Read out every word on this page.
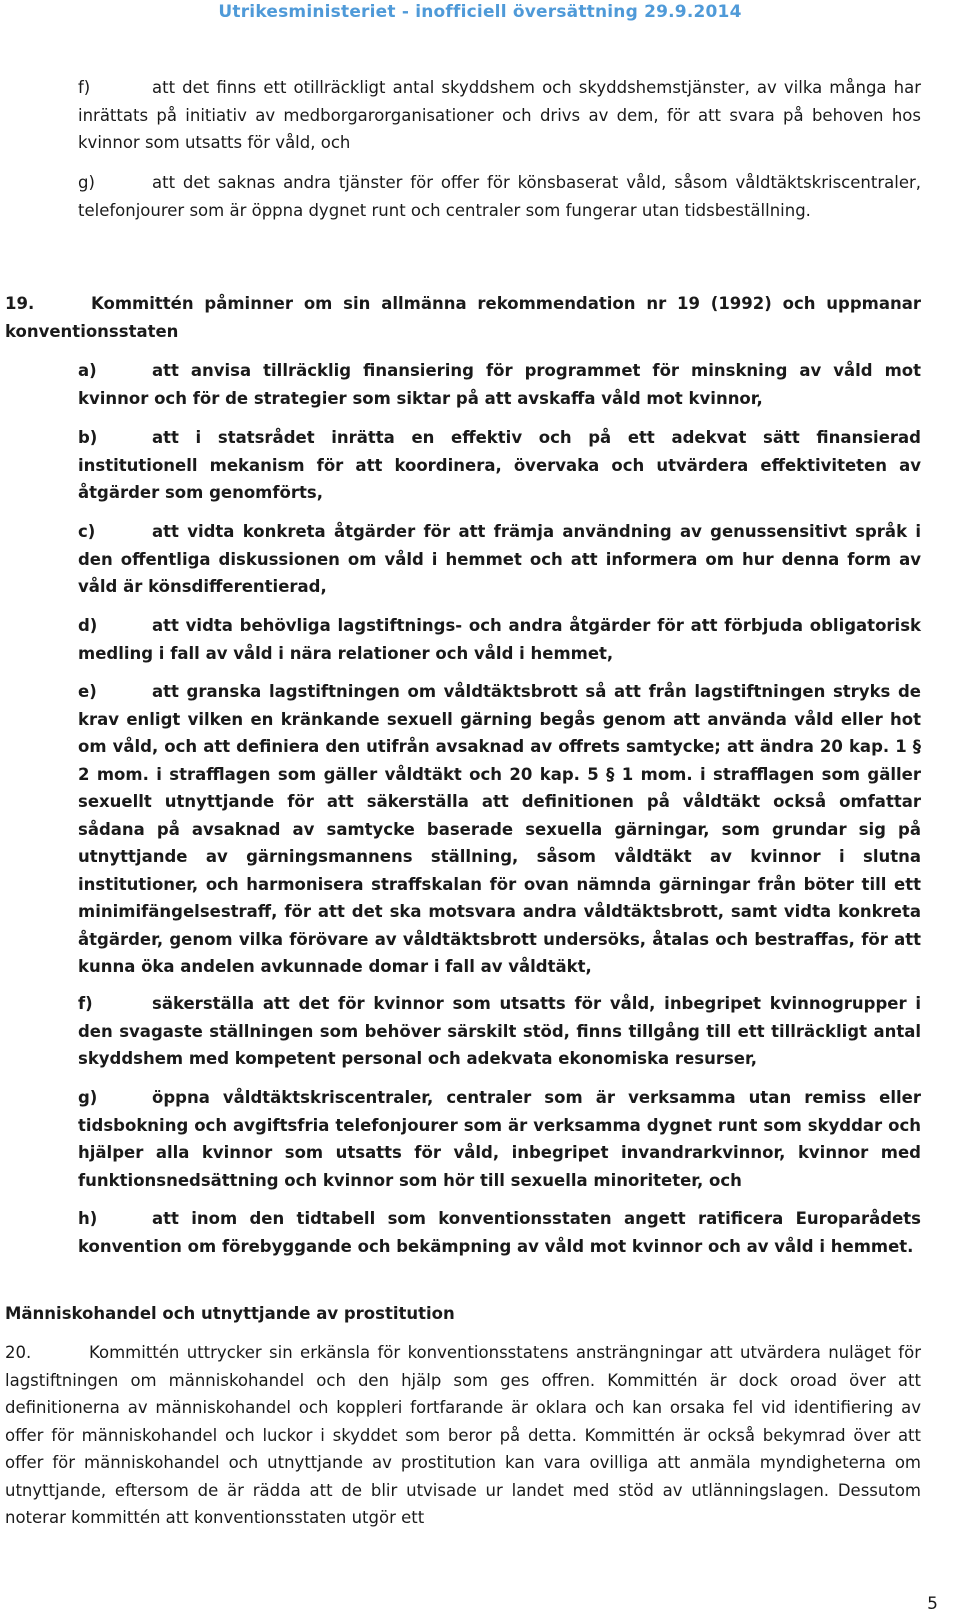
Utrikesministeriet - inofficiell översättning 29.9.2014

f)	att det finns ett otillräckligt antal skyddshem och skyddshemstjänster, av vilka många har inrättats på initiativ av medborgarorganisationer och drivs av dem, för att svara på behoven hos kvinnor som utsatts för våld, och

g)	att det saknas andra tjänster för offer för könsbaserat våld, såsom våldtäktskriscentraler, telefonjourer som är öppna dygnet runt och centraler som fungerar utan tidsbeställning.

19.	Kommittén påminner om sin allmänna rekommendation nr 19 (1992) och uppmanar konventionsstaten

a)	att anvisa tillräcklig finansiering för programmet för minskning av våld mot kvinnor och för de strategier som siktar på att avskaffa våld mot kvinnor,

b)	att i statsrådet inrätta en effektiv och på ett adekvat sätt finansierad institutionell mekanism för att koordinera, övervaka och utvärdera effektiviteten av åtgärder som genomförts,

c)	att vidta konkreta åtgärder för att främja användning av genussensitivt språk i den offentliga diskussionen om våld i hemmet och att informera om hur denna form av våld är könsdifferentierad,

d)	att vidta behövliga lagstiftnings- och andra åtgärder för att förbjuda obligatorisk medling i fall av våld i nära relationer och våld i hemmet,

e)	att granska lagstiftningen om våldtäktsbrott så att från lagstiftningen stryks de krav enligt vilken en kränkande sexuell gärning begås genom att använda våld eller hot om våld, och att definiera den utifrån avsaknad av offrets samtycke; att ändra 20 kap. 1 § 2 mom. i strafflagen som gäller våldtäkt och 20 kap. 5 § 1 mom. i strafflagen som gäller sexuellt utnyttjande för att säkerställa att definitionen på våldtäkt också omfattar sådana på avsaknad av samtycke baserade sexuella gärningar, som grundar sig på utnyttjande av gärningsmannens ställning, såsom våldtäkt av kvinnor i slutna institutioner, och harmonisera straffskalan för ovan nämnda gärningar från böter till ett minimifängelsestraff, för att det ska motsvara andra våldtäktsbrott, samt vidta konkreta åtgärder, genom vilka förövare av våldtäktsbrott undersöks, åtalas och bestraffas, för att kunna öka andelen avkunnade domar i fall av våldtäkt,

f)	säkerställa att det för kvinnor som utsatts för våld, inbegripet kvinnogrupper i den svagaste ställningen som behöver särskilt stöd, finns tillgång till ett tillräckligt antal skyddshem med kompetent personal och adekvata ekonomiska resurser,

g)	öppna våldtäktskriscentraler, centraler som är verksamma utan remiss eller tidsbokning och avgiftsfria telefonjourer som är verksamma dygnet runt som skyddar och hjälper alla kvinnor som utsatts för våld, inbegripet invandrarkvinnor, kvinnor med funktionsnedsättning och kvinnor som hör till sexuella minoriteter, och

h)	att inom den tidtabell som konventionsstaten angett ratificera Europarådets konvention om förebyggande och bekämpning av våld mot kvinnor och av våld i hemmet.

Människohandel och utnyttjande av prostitution

20.	Kommittén uttrycker sin erkänsla för konventionsstatens ansträngningar att utvärdera nuläget för lagstiftningen om människohandel och den hjälp som ges offren. Kommittén är dock oroad över att definitionerna av människohandel och koppleri fortfarande är oklara och kan orsaka fel vid identifiering av offer för människohandel och luckor i skyddet som beror på detta. Kommittén är också bekymrad över att offer för människohandel och utnyttjande av prostitution kan vara ovilliga att anmäla myndigheterna om utnyttjande, eftersom de är rädda att de blir utvisade ur landet med stöd av utlänningslagen. Dessutom noterar kommittén att konventionsstaten utgör ett

5
